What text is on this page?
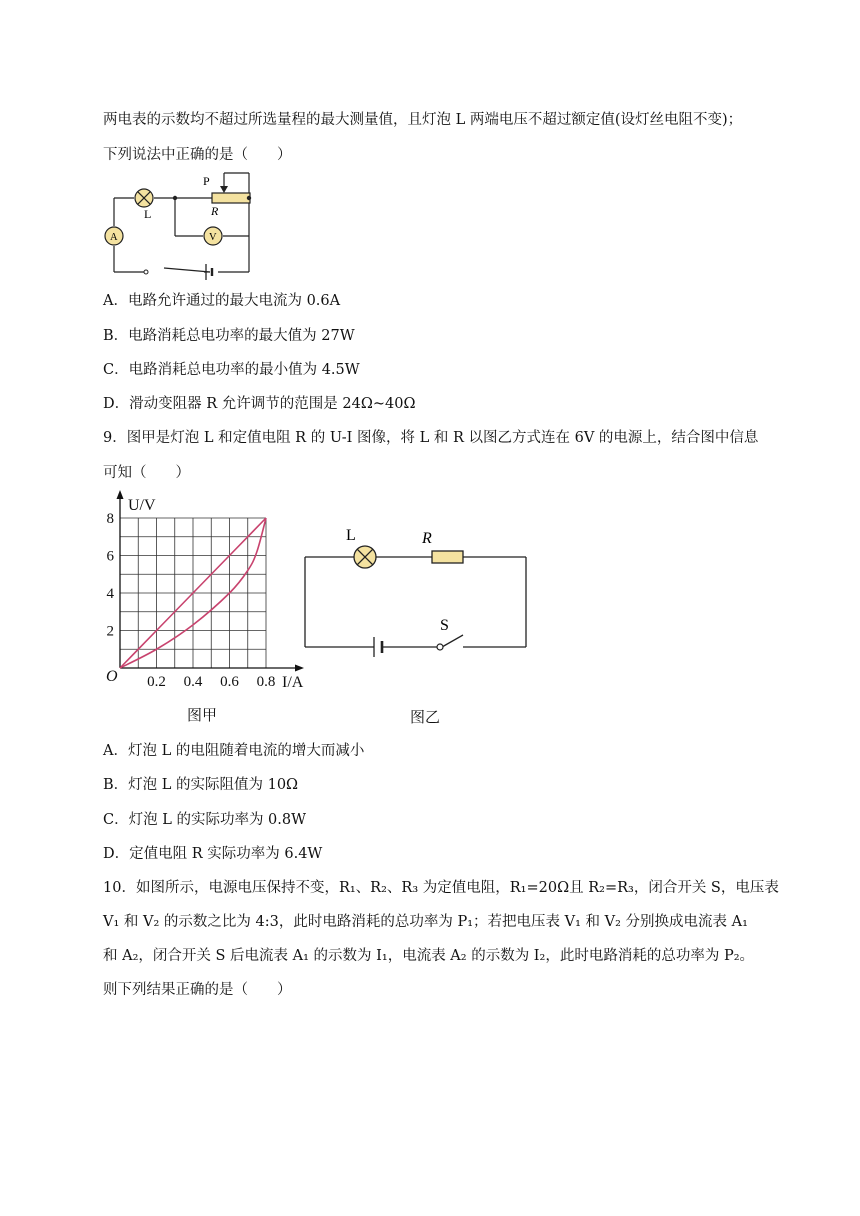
两电表的示数均不超过所选量程的最大测量值，且灯泡 L 两端电压不超过额定值(设灯丝电阻不变)；
下列说法中正确的是（　　）
P
R
L
A	V
A．电路允许通过的最大电流为 0.6A
B．电路消耗总电功率的最大值为 27W
C．电路消耗总电功率的最小值为 4.5W
D．滑动变阻器 R 允许调节的范围是 24Ω~40Ω
9．图甲是灯泡 L 和定值电阻 R 的 U-I 图像，将 L 和 R 以图乙方式连在 6V 的电源上，结合图中信息
可知（　　）
0.2 0.4 0.6 0.8
2
4
6
8
O	I/A
U/V
图甲
L	R
S
图乙
A．灯泡 L 的电阻随着电流的增大而减小
B．灯泡 L 的实际阻值为 10Ω
C．灯泡 L 的实际功率为 0.8W
D．定值电阻 R 实际功率为 6.4W
10．如图所示，电源电压保持不变，R₁、R₂、R₃ 为定值电阻，R₁=20Ω且 R₂=R₃，闭合开关 S，电压表
V₁ 和 V₂ 的示数之比为 4:3，此时电路消耗的总功率为 P₁；若把电压表 V₁ 和 V₂ 分别换成电流表 A₁
和 A₂，闭合开关 S 后电流表 A₁ 的示数为 I₁，电流表 A₂ 的示数为 I₂，此时电路消耗的总功率为 P₂。
则下列结果正确的是（　　）
